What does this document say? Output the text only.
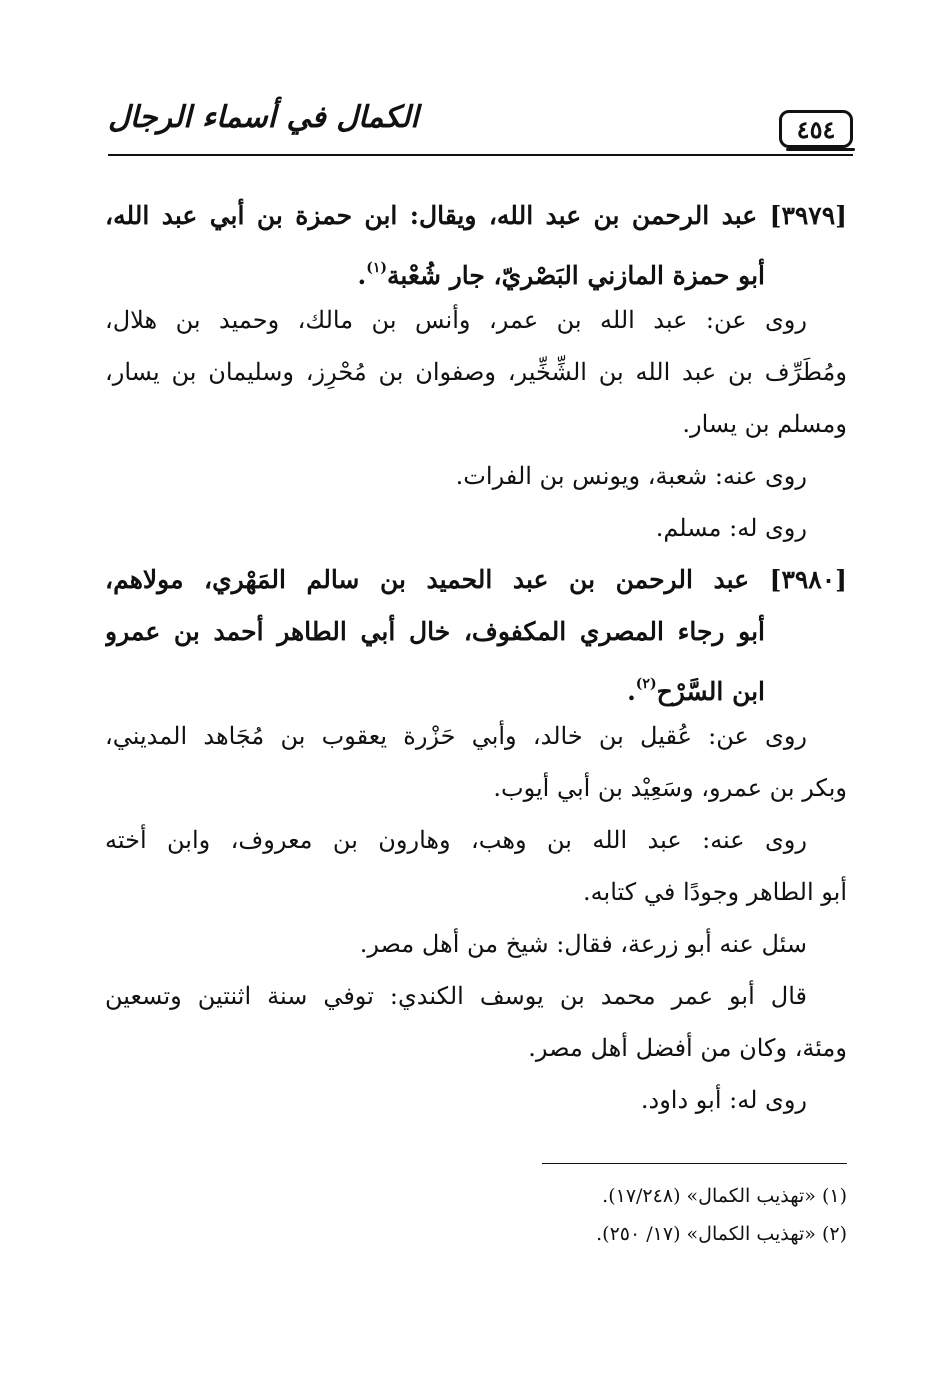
٤٥٤
الكمال في أسماء الرجال
[٣٩٧٩] عبد الرحمن بن عبد الله، ويقال: ابن حمزة بن أبي عبد الله،
أبو حمزة المازني البَصْريّ، جار شُعْبة$^{(١)}$.
روى عن: عبد الله بن عمر، وأنس بن مالك، وحميد بن هلال،
ومُطَرِّف بن عبد الله بن الشِّخِّير، وصفوان بن مُحْرِز، وسليمان بن يسار،
ومسلم بن يسار.
روى عنه: شعبة، ويونس بن الفرات.
روى له: مسلم.
[٣٩٨٠] عبد الرحمن بن عبد الحميد بن سالم المَهْري، مولاهم،
أبو رجاء المصري المكفوف، خال أبي الطاهر أحمد بن عمرو
ابن السَّرْح$^{(٢)}$.
روى عن: عُقيل بن خالد، وأبي حَزْرة يعقوب بن مُجَاهد المديني،
وبكر بن عمرو، وسَعِيْد بن أبي أيوب.
روى عنه: عبد الله بن وهب، وهارون بن معروف، وابن أخته
أبو الطاهر وجودًا في كتابه.
سئل عنه أبو زرعة، فقال: شيخ من أهل مصر.
قال أبو عمر محمد بن يوسف الكندي: توفي سنة اثنتين وتسعين
ومئة، وكان من أفضل أهل مصر.
روى له: أبو داود.
(١) «تهذيب الكمال» (١٧/٢٤٨).
(٢) «تهذيب الكمال» (١٧/ ٢٥٠).
